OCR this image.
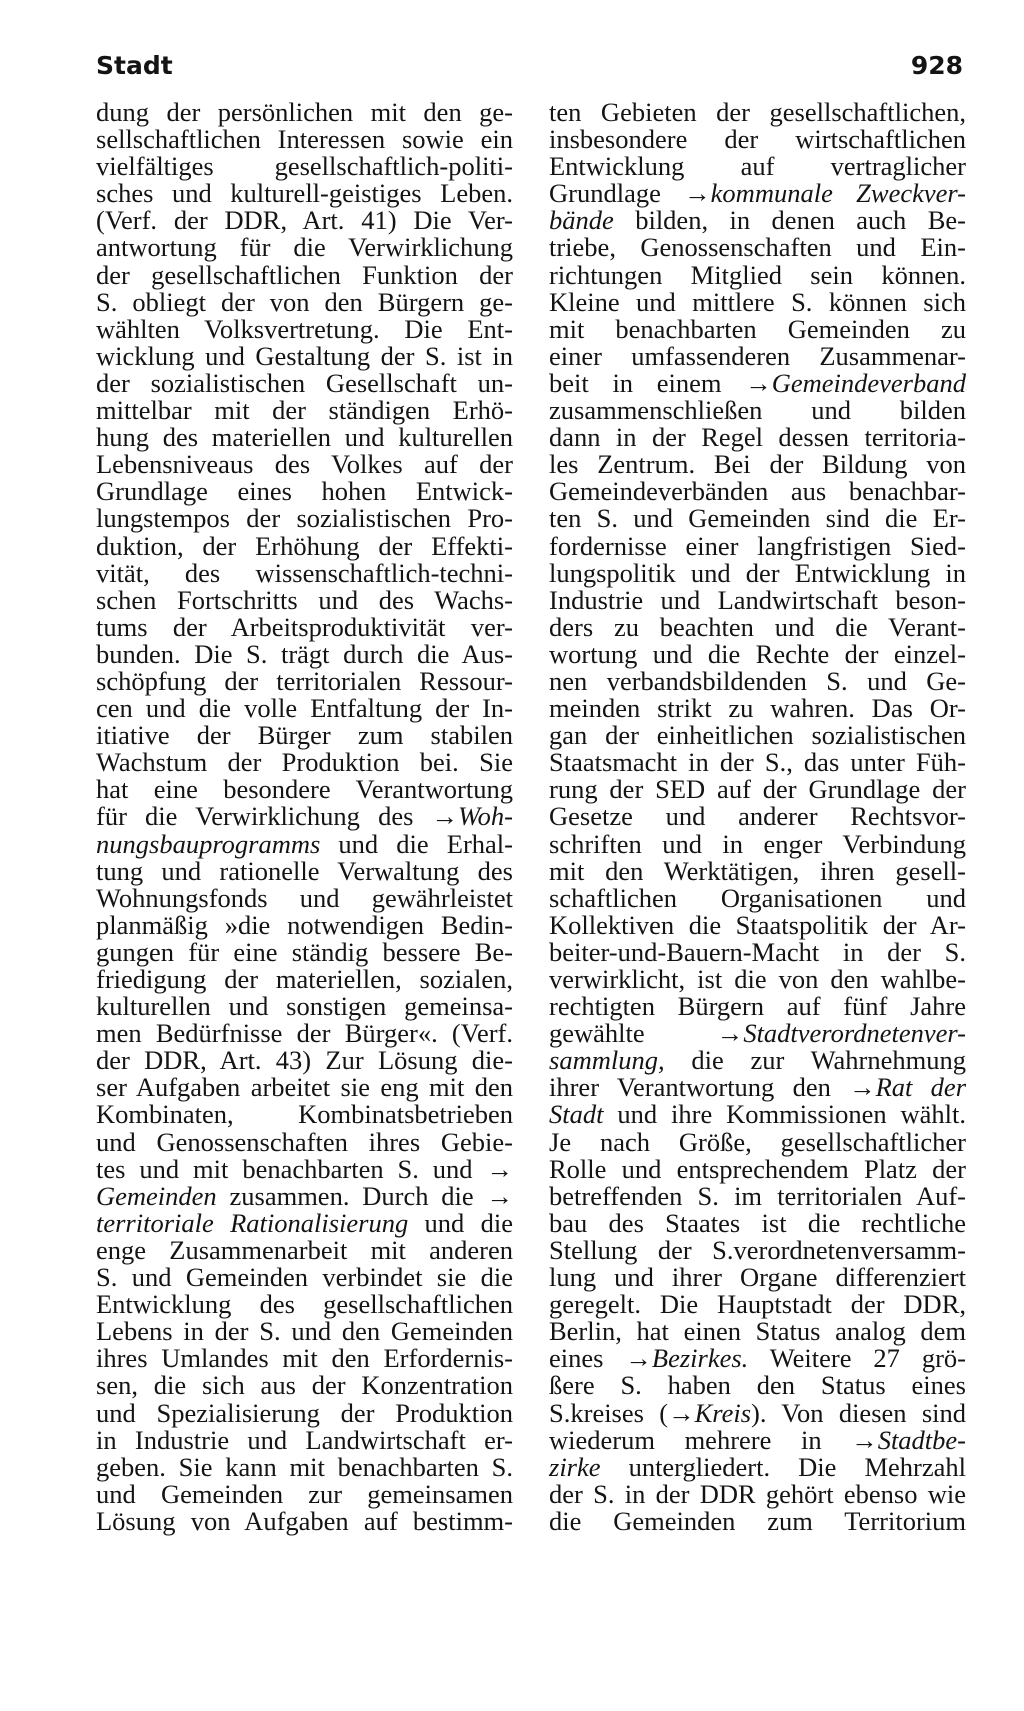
Stadt	928
dung der persönlichen mit den ge-
sellschaftlichen Interessen sowie ein
vielfältiges gesellschaftlich-politi-
sches und kulturell-geistiges Leben.
(Verf. der DDR, Art. 41) Die Ver-
antwortung für die Verwirklichung
der gesellschaftlichen Funktion der
S. obliegt der von den Bürgern ge-
wählten Volksvertretung. Die Ent-
wicklung und Gestaltung der S. ist in
der sozialistischen Gesellschaft un-
mittelbar mit der ständigen Erhö-
hung des materiellen und kulturellen
Lebensniveaus des Volkes auf der
Grundlage eines hohen Entwick-
lungstempos der sozialistischen Pro-
duktion, der Erhöhung der Effekti-
vität, des wissenschaftlich-techni-
schen Fortschritts und des Wachs-
tums der Arbeitsproduktivität ver-
bunden. Die S. trägt durch die Aus-
schöpfung der territorialen Ressour-
cen und die volle Entfaltung der In-
itiative der Bürger zum stabilen
Wachstum der Produktion bei. Sie
hat eine besondere Verantwortung
für die Verwirklichung des →Woh-
nungsbauprogramms und die Erhal-
tung und rationelle Verwaltung des
Wohnungsfonds und gewährleistet
planmäßig »die notwendigen Bedin-
gungen für eine ständig bessere Be-
friedigung der materiellen, sozialen,
kulturellen und sonstigen gemeinsa-
men Bedürfnisse der Bürger«. (Verf.
der DDR, Art. 43) Zur Lösung die-
ser Aufgaben arbeitet sie eng mit den
Kombinaten, Kombinatsbetrieben
und Genossenschaften ihres Gebie-
tes und mit benachbarten S. und →
Gemeinden zusammen. Durch die →
territoriale Rationalisierung und die
enge Zusammenarbeit mit anderen
S. und Gemeinden verbindet sie die
Entwicklung des gesellschaftlichen
Lebens in der S. und den Gemeinden
ihres Umlandes mit den Erfordernis-
sen, die sich aus der Konzentration
und Spezialisierung der Produktion
in Industrie und Landwirtschaft er-
geben. Sie kann mit benachbarten S.
und Gemeinden zur gemeinsamen
Lösung von Aufgaben auf bestimm-
ten Gebieten der gesellschaftlichen,
insbesondere der wirtschaftlichen
Entwicklung auf vertraglicher
Grundlage →kommunale Zweckver-
bände bilden, in denen auch Be-
triebe, Genossenschaften und Ein-
richtungen Mitglied sein können.
Kleine und mittlere S. können sich
mit benachbarten Gemeinden zu
einer umfassenderen Zusammenar-
beit in einem →Gemeindeverband
zusammenschließen und bilden
dann in der Regel dessen territoria-
les Zentrum. Bei der Bildung von
Gemeindeverbänden aus benachbar-
ten S. und Gemeinden sind die Er-
fordernisse einer langfristigen Sied-
lungspolitik und der Entwicklung in
Industrie und Landwirtschaft beson-
ders zu beachten und die Verant-
wortung und die Rechte der einzel-
nen verbandsbildenden S. und Ge-
meinden strikt zu wahren. Das Or-
gan der einheitlichen sozialistischen
Staatsmacht in der S., das unter Füh-
rung der SED auf der Grundlage der
Gesetze und anderer Rechtsvor-
schriften und in enger Verbindung
mit den Werktätigen, ihren gesell-
schaftlichen Organisationen und
Kollektiven die Staatspolitik der Ar-
beiter-und-Bauern-Macht in der S.
verwirklicht, ist die von den wahlbe-
rechtigten Bürgern auf fünf Jahre
gewählte →Stadtverordnetenver-
sammlung, die zur Wahrnehmung
ihrer Verantwortung den →Rat der
Stadt und ihre Kommissionen wählt.
Je nach Größe, gesellschaftlicher
Rolle und entsprechendem Platz der
betreffenden S. im territorialen Auf-
bau des Staates ist die rechtliche
Stellung der S.verordnetenversamm-
lung und ihrer Organe differenziert
geregelt. Die Hauptstadt der DDR,
Berlin, hat einen Status analog dem
eines →Bezirkes. Weitere 27 grö-
ßere S. haben den Status eines
S.kreises (→Kreis). Von diesen sind
wiederum mehrere in →Stadtbe-
zirke untergliedert. Die Mehrzahl
der S. in der DDR gehört ebenso wie
die Gemeinden zum Territorium
